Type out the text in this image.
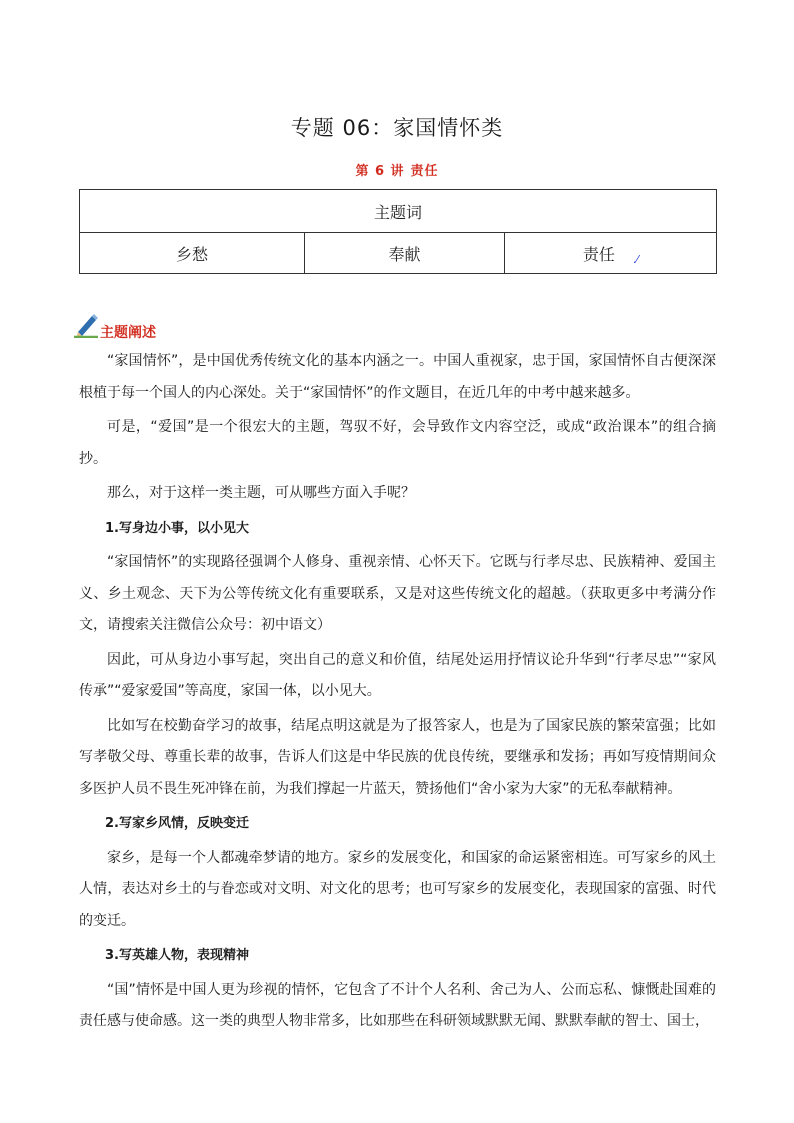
专题 06：家国情怀类
第 6 讲 责任
主题词
乡愁	奉献	责任 .⁄
主题阐述

“家国情怀”，是中国优秀传统文化的基本内涵之一。中国人重视家，忠于国，家国情怀自古便深深根植于每一个国人的内心深处。关于“家国情怀”的作文题目，在近几年的中考中越来越多。

可是，“爱国”是一个很宏大的主题，驾驭不好，会导致作文内容空泛，或成“政治课本”的组合摘抄。

那么，对于这样一类主题，可从哪些方面入手呢？

1.写身边小事，以小见大

“家国情怀”的实现路径强调个人修身、重视亲情、心怀天下。它既与行孝尽忠、民族精神、爱国主义、乡土观念、天下为公等传统文化有重要联系，又是对这些传统文化的超越。（获取更多中考满分作文，请搜索关注微信公众号：初中语文）

因此，可从身边小事写起，突出自己的意义和价值，结尾处运用抒情议论升华到“行孝尽忠”“家风传承”“爱家爱国”等高度，家国一体，以小见大。

比如写在校勤奋学习的故事，结尾点明这就是为了报答家人，也是为了国家民族的繁荣富强；比如写孝敬父母、尊重长辈的故事，告诉人们这是中华民族的优良传统，要继承和发扬；再如写疫情期间众多医护人员不畏生死冲锋在前，为我们撑起一片蓝天，赞扬他们“舍小家为大家”的无私奉献精神。

2.写家乡风情，反映变迁

家乡，是每一个人都魂牵梦请的地方。家乡的发展变化，和国家的命运紧密相连。可写家乡的风土人情，表达对乡土的与眷恋或对文明、对文化的思考；也可写家乡的发展变化，表现国家的富强、时代的变迁。

3.写英雄人物，表现精神

“国”情怀是中国人更为珍视的情怀，它包含了不计个人名利、舍己为人、公而忘私、慷慨赴国难的责任感与使命感。这一类的典型人物非常多，比如那些在科研领域默默无闻、默默奉献的智士、国士，
